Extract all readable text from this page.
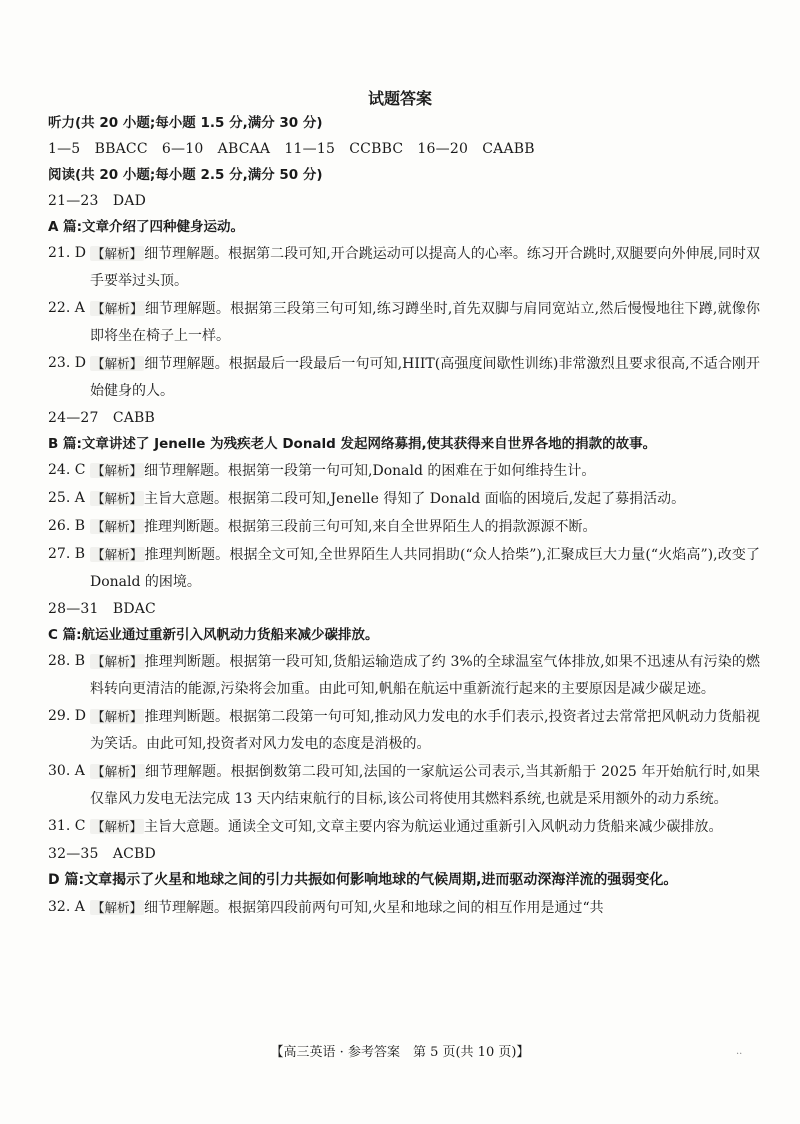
试题答案
听力(共 20 小题;每小题 1.5 分,满分 30 分)
1—5　BBACC　6—10　ABCAA　11—15　CCBBC　16—20　CAABB
阅读(共 20 小题;每小题 2.5 分,满分 50 分)
21—23　DAD
A 篇:文章介绍了四种健身运动。
21. D 【解析】 细节理解题。根据第二段可知,开合跳运动可以提高人的心率。练习开合跳时,双腿要向外伸展,同时双手要举过头顶。
22. A 【解析】 细节理解题。根据第三段第三句可知,练习蹲坐时,首先双脚与肩同宽站立,然后慢慢地往下蹲,就像你即将坐在椅子上一样。
23. D 【解析】 细节理解题。根据最后一段最后一句可知,HIIT(高强度间歇性训练)非常激烈且要求很高,不适合刚开始健身的人。
24—27　CABB
B 篇:文章讲述了 Jenelle 为残疾老人 Donald 发起网络募捐,使其获得来自世界各地的捐款的故事。
24. C 【解析】 细节理解题。根据第一段第一句可知,Donald 的困难在于如何维持生计。
25. A 【解析】 主旨大意题。根据第二段可知,Jenelle 得知了 Donald 面临的困境后,发起了募捐活动。
26. B 【解析】 推理判断题。根据第三段前三句可知,来自全世界陌生人的捐款源源不断。
27. B 【解析】 推理判断题。根据全文可知,全世界陌生人共同捐助(“众人拾柴”),汇聚成巨大力量(“火焰高”),改变了 Donald 的困境。
28—31　BDAC
C 篇:航运业通过重新引入风帆动力货船来减少碳排放。
28. B 【解析】 推理判断题。根据第一段可知,货船运输造成了约 3%的全球温室气体排放,如果不迅速从有污染的燃料转向更清洁的能源,污染将会加重。由此可知,帆船在航运中重新流行起来的主要原因是减少碳足迹。
29. D 【解析】 推理判断题。根据第二段第一句可知,推动风力发电的水手们表示,投资者过去常常把风帆动力货船视为笑话。由此可知,投资者对风力发电的态度是消极的。
30. A 【解析】 细节理解题。根据倒数第二段可知,法国的一家航运公司表示,当其新船于 2025 年开始航行时,如果仅靠风力发电无法完成 13 天内结束航行的目标,该公司将使用其燃料系统,也就是采用额外的动力系统。
31. C 【解析】 主旨大意题。通读全文可知,文章主要内容为航运业通过重新引入风帆动力货船来减少碳排放。
32—35　ACBD
D 篇:文章揭示了火星和地球之间的引力共振如何影响地球的气候周期,进而驱动深海洋流的强弱变化。
32. A 【解析】 细节理解题。根据第四段前两句可知,火星和地球之间的相互作用是通过“共
【高三英语 · 参考答案　第 5 页(共 10 页)】	..
